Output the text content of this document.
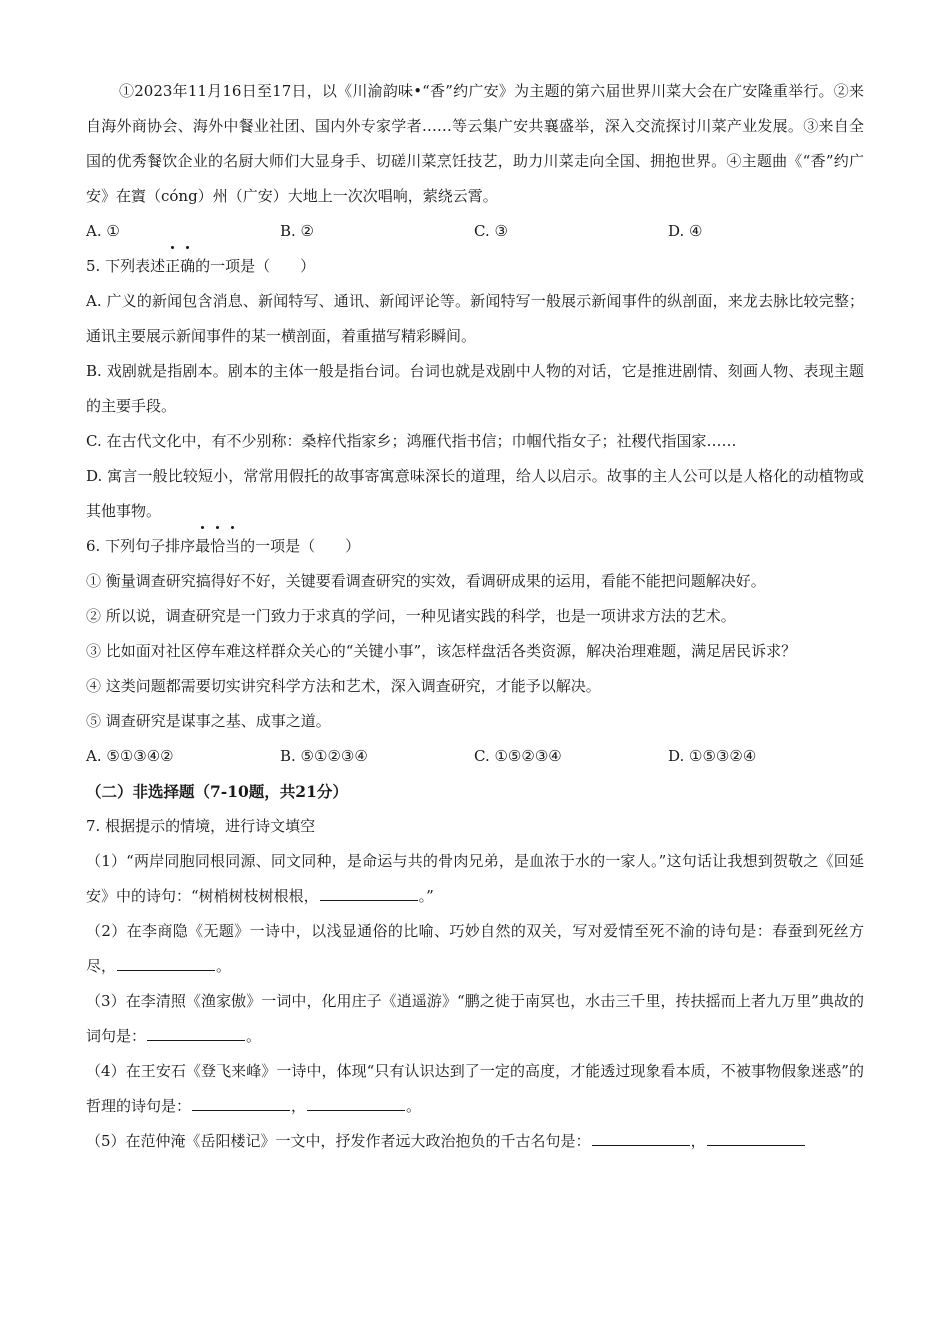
①2023年11月16日至17日，以《川渝韵味•“香”约广安》为主题的第六届世界川菜大会在广安隆重举行。②来自海外商协会、海外中餐业社团、国内外专家学者……等云集广安共襄盛举，深入交流探讨川菜产业发展。③来自全国的优秀餐饮企业的名厨大师们大显身手、切磋川菜烹饪技艺，助力川菜走向全国、拥抱世界。④主题曲《“香”约广安》在賨（cóng）州（广安）大地上一次次唱响，萦绕云霄。

A. ①	B. ②	C. ③	D. ④

5. 下列表述正确的一项是（　　）

A. 广义的新闻包含消息、新闻特写、通讯、新闻评论等。新闻特写一般展示新闻事件的纵剖面，来龙去脉比较完整；通讯主要展示新闻事件的某一横剖面，着重描写精彩瞬间。

B. 戏剧就是指剧本。剧本的主体一般是指台词。台词也就是戏剧中人物的对话，它是推进剧情、刻画人物、表现主题的主要手段。

C. 在古代文化中，有不少别称：桑梓代指家乡；鸿雁代指书信；巾帼代指女子；社稷代指国家……

D. 寓言一般比较短小，常常用假托的故事寄寓意味深长的道理，给人以启示。故事的主人公可以是人格化的动植物或其他事物。

6. 下列句子排序最恰当的一项是（　　）

① 衡量调查研究搞得好不好，关键要看调查研究的实效，看调研成果的运用，看能不能把问题解决好。

② 所以说，调查研究是一门致力于求真的学问，一种见诸实践的科学，也是一项讲求方法的艺术。

③ 比如面对社区停车难这样群众关心的“关键小事”，该怎样盘活各类资源，解决治理难题，满足居民诉求？

④ 这类问题都需要切实讲究科学方法和艺术，深入调查研究，才能予以解决。

⑤ 调查研究是谋事之基、成事之道。

A. ⑤①③④②	B. ⑤①②③④	C. ①⑤②③④	D. ①⑤③②④

（二）非选择题（7-10题，共21分）

7. 根据提示的情境，进行诗文填空

（1）“两岸同胞同根同源、同文同种，是命运与共的骨肉兄弟，是血浓于水的一家人。”这句话让我想到贺敬之《回延安》中的诗句：“树梢树枝树根根，	。”

（2）在李商隐《无题》一诗中，以浅显通俗的比喻、巧妙自然的双关，写对爱情至死不渝的诗句是：春蚕到死丝方尽，	。

（3）在李清照《渔家傲》一词中，化用庄子《逍遥游》“鹏之徙于南冥也，水击三千里，抟扶摇而上者九万里”典故的词句是：	。

（4）在王安石《登飞来峰》一诗中，体现“只有认识达到了一定的高度，才能透过现象看本质，不被事物假象迷惑”的哲理的诗句是：	，	。

（5）在范仲淹《岳阳楼记》一文中，抒发作者远大政治抱负的千古名句是：	，
